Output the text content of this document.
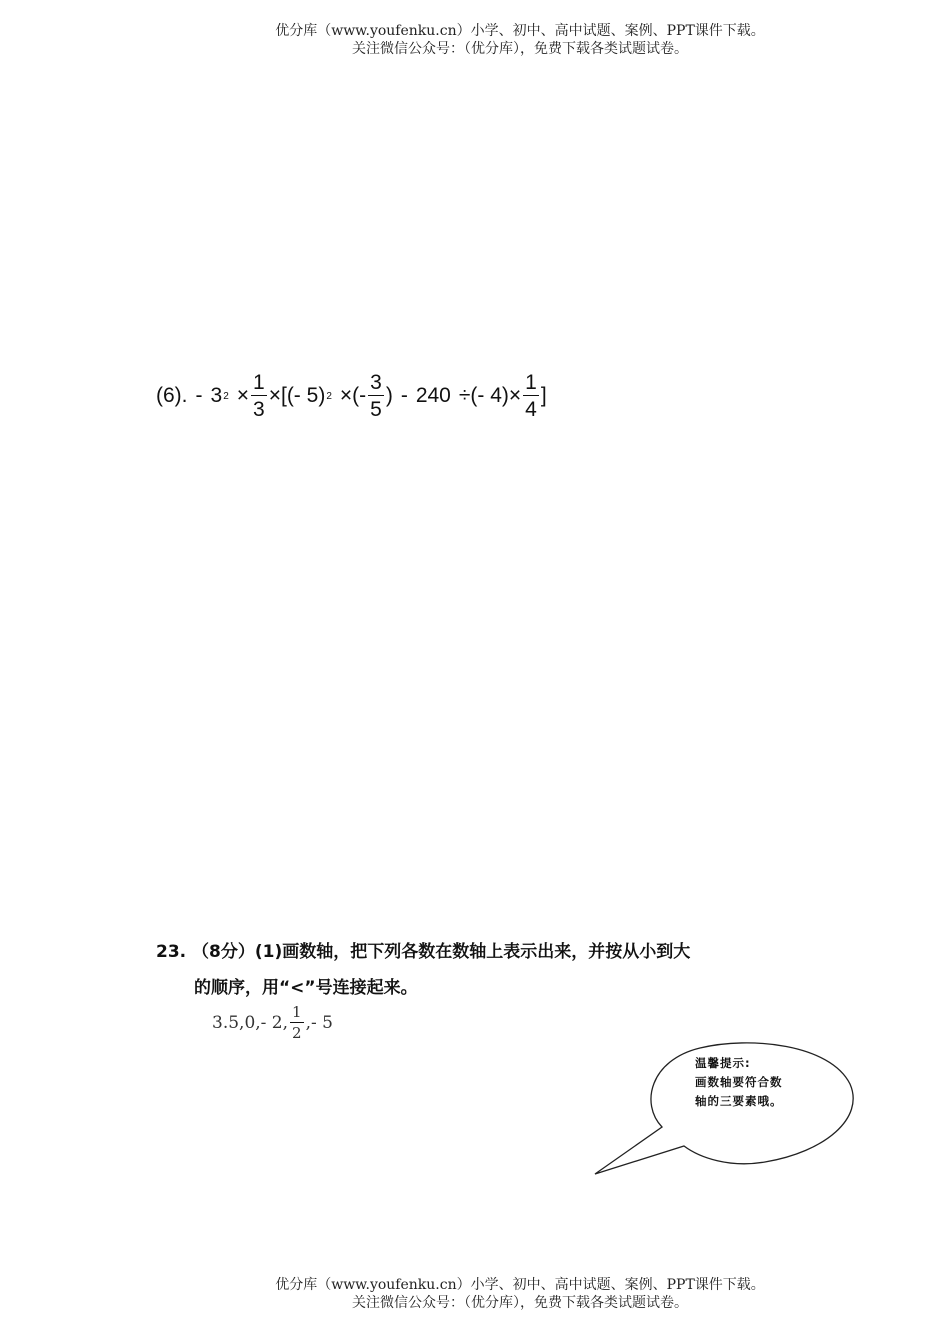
优分库（www.youfenku.cn）小学、初中、高中试题、案例、PPT课件下载。
关注微信公众号：（优分库），免费下载各类试题试卷。
(6). - 3 $2 \times \frac{1}{3}$ × [ (- 5) 2 × (- $\frac{3}{5}$ ) - 240 ÷ (- $4) \times \frac{1}{4}$ ]
23. （8分）(1)画数轴，把下列各数在数轴上表示出来，并按从小到大
的顺序，用“<”号连接起来。
3.5,0,- 2, $\frac{1}{2}$ ,- 5
温馨提示:
画数轴要符合数
轴的三要素哦。
优分库（www.youfenku.cn）小学、初中、高中试题、案例、PPT课件下载。
关注微信公众号：（优分库），免费下载各类试题试卷。
